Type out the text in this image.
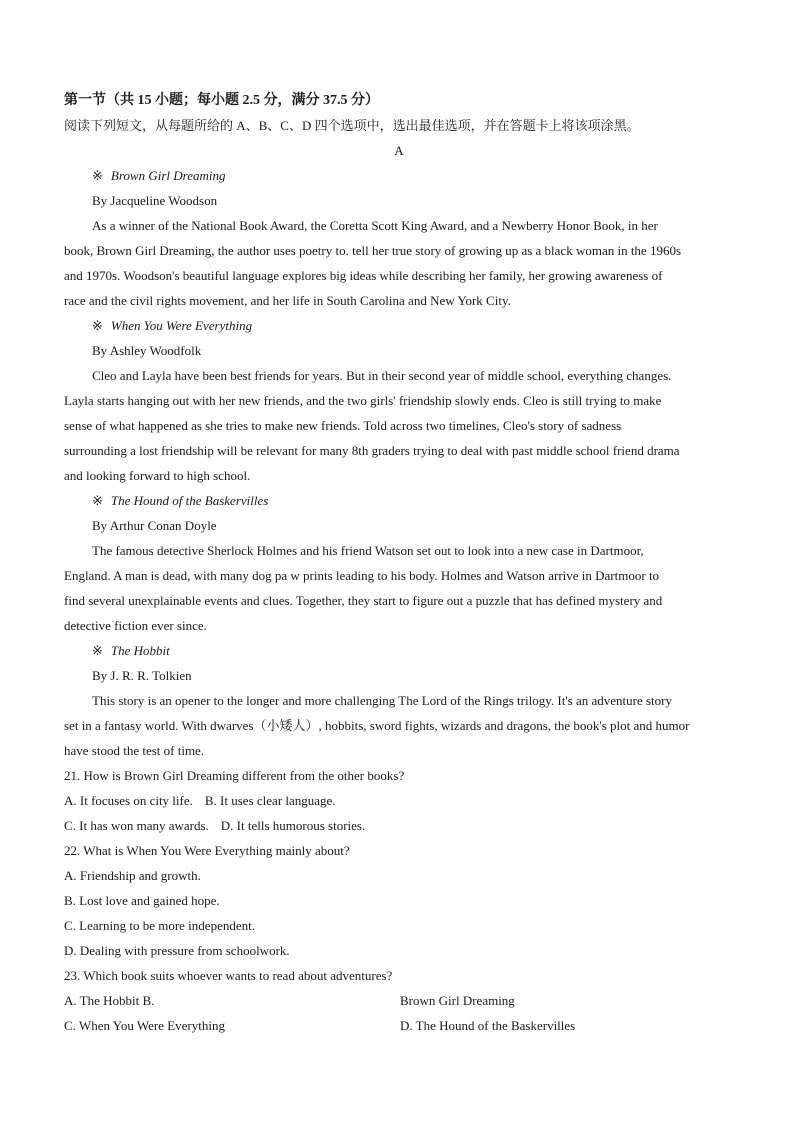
第一节（共 15 小题；每小题 2.5 分，满分 37.5 分）
阅读下列短文，从每题所给的 A、B、C、D 四个选项中，选出最佳选项，并在答题卡上将该项涂黑。
A
※ Brown Girl Dreaming
By Jacqueline Woodson
As a winner of the National Book Award, the Coretta Scott King Award, and a Newberry Honor Book, in her
book, Brown Girl Dreaming, the author uses poetry to. tell her true story of growing up as a black woman in the 1960s
and 1970s. Woodson's beautiful language explores big ideas while describing her family, her growing awareness of
race and the civil rights movement, and her life in South Carolina and New York City.
※ When You Were Everything
By Ashley Woodfolk
Cleo and Layla have been best friends for years. But in their second year of middle school, everything changes.
Layla starts hanging out with her new friends, and the two girls' friendship slowly ends. Cleo is still trying to make
sense of what happened as she tries to make new friends. Told across two timelines, Cleo's story of sadness
surrounding a lost friendship will be relevant for many 8th graders trying to deal with past middle school friend drama
and looking forward to high school.
※ The Hound of the Baskervilles
By Arthur Conan Doyle
The famous detective Sherlock Holmes and his friend Watson set out to look into a new case in Dartmoor,
England. A man is dead, with many dog pa w prints leading to his body. Holmes and Watson arrive in Dartmoor to
find several unexplainable events and clues. Together, they start to figure out a puzzle that has defined mystery and
detective fiction ever since.
※ The Hobbit
By J. R. R. Tolkien
This story is an opener to the longer and more challenging The Lord of the Rings trilogy. It's an adventure story
set in a fantasy world. With dwarves（小矮人）, hobbits, sword fights, wizards and dragons, the book's plot and humor
have stood the test of time.
21. How is Brown Girl Dreaming different from the other books?
A. It focuses on city life. B. It uses clear language.
C. It has won many awards. D. It tells humorous stories.
22. What is When You Were Everything mainly about?
A. Friendship and growth.
B. Lost love and gained hope.
C. Learning to be more independent.
D. Dealing with pressure from schoolwork.
23. Which book suits whoever wants to read about adventures?
A. The Hobbit B.	Brown Girl Dreaming
C. When You Were Everything	D. The Hound of the Baskervilles
